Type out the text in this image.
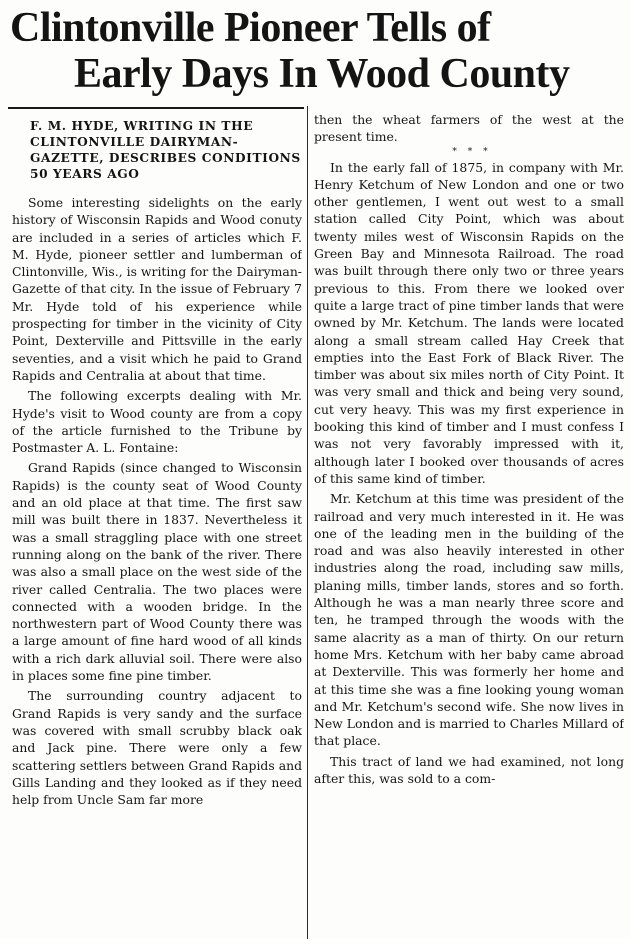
Clintonville Pioneer Tells of
Early Days In Wood County
F. M. HYDE, WRITING IN THE CLINTONVILLE DAIRYMAN-GAZETTE, DESCRIBES CONDITIONS 50 YEARS AGO

Some interesting sidelights on the early history of Wisconsin Rapids and Wood conuty are included in a series of articles which F. M. Hyde, pioneer settler and lumberman of Clintonville, Wis., is writing for the Dairyman-Gazette of that city. In the issue of February 7 Mr. Hyde told of his experience while prospecting for timber in the vicinity of City Point, Dexterville and Pittsville in the early seventies, and a visit which he paid to Grand Rapids and Centralia at about that time.

The following excerpts dealing with Mr. Hyde's visit to Wood county are from a copy of the article furnished to the Tribune by Postmaster A. L. Fontaine:

Grand Rapids (since changed to Wisconsin Rapids) is the county seat of Wood County and an old place at that time. The first saw mill was built there in 1837. Nevertheless it was a small straggling place with one street running along on the bank of the river. There was also a small place on the west side of the river called Centralia. The two places were connected with a wooden bridge. In the northwestern part of Wood County there was a large amount of fine hard wood of all kinds with a rich dark alluvial soil. There were also in places some fine pine timber.

The surrounding country adjacent to Grand Rapids is very sandy and the surface was covered with small scrubby black oak and Jack pine. There were only a few scattering settlers between Grand Rapids and Gills Landing and they looked as if they need help from Uncle Sam far more

then the wheat farmers of the west at the present time.

* * *

In the early fall of 1875, in company with Mr. Henry Ketchum of New London and one or two other gentlemen, I went out west to a small station called City Point, which was about twenty miles west of Wisconsin Rapids on the Green Bay and Minnesota Railroad. The road was built through there only two or three years previous to this. From there we looked over quite a large tract of pine timber lands that were owned by Mr. Ketchum. The lands were located along a small stream called Hay Creek that empties into the East Fork of Black River. The timber was about six miles north of City Point. It was very small and thick and being very sound, cut very heavy. This was my first experience in booking this kind of timber and I must confess I was not very favorably impressed with it, although later I booked over thousands of acres of this same kind of timber.

Mr. Ketchum at this time was president of the railroad and very much interested in it. He was one of the leading men in the building of the road and was also heavily interested in other industries along the road, including saw mills, planing mills, timber lands, stores and so forth. Although he was a man nearly three score and ten, he tramped through the woods with the same alacrity as a man of thirty. On our return home Mrs. Ketchum with her baby came abroad at Dexterville. This was formerly her home and at this time she was a fine looking young woman and Mr. Ketchum's second wife. She now lives in New London and is married to Charles Millard of that place.

This tract of land we had examined, not long after this, was sold to a com-
